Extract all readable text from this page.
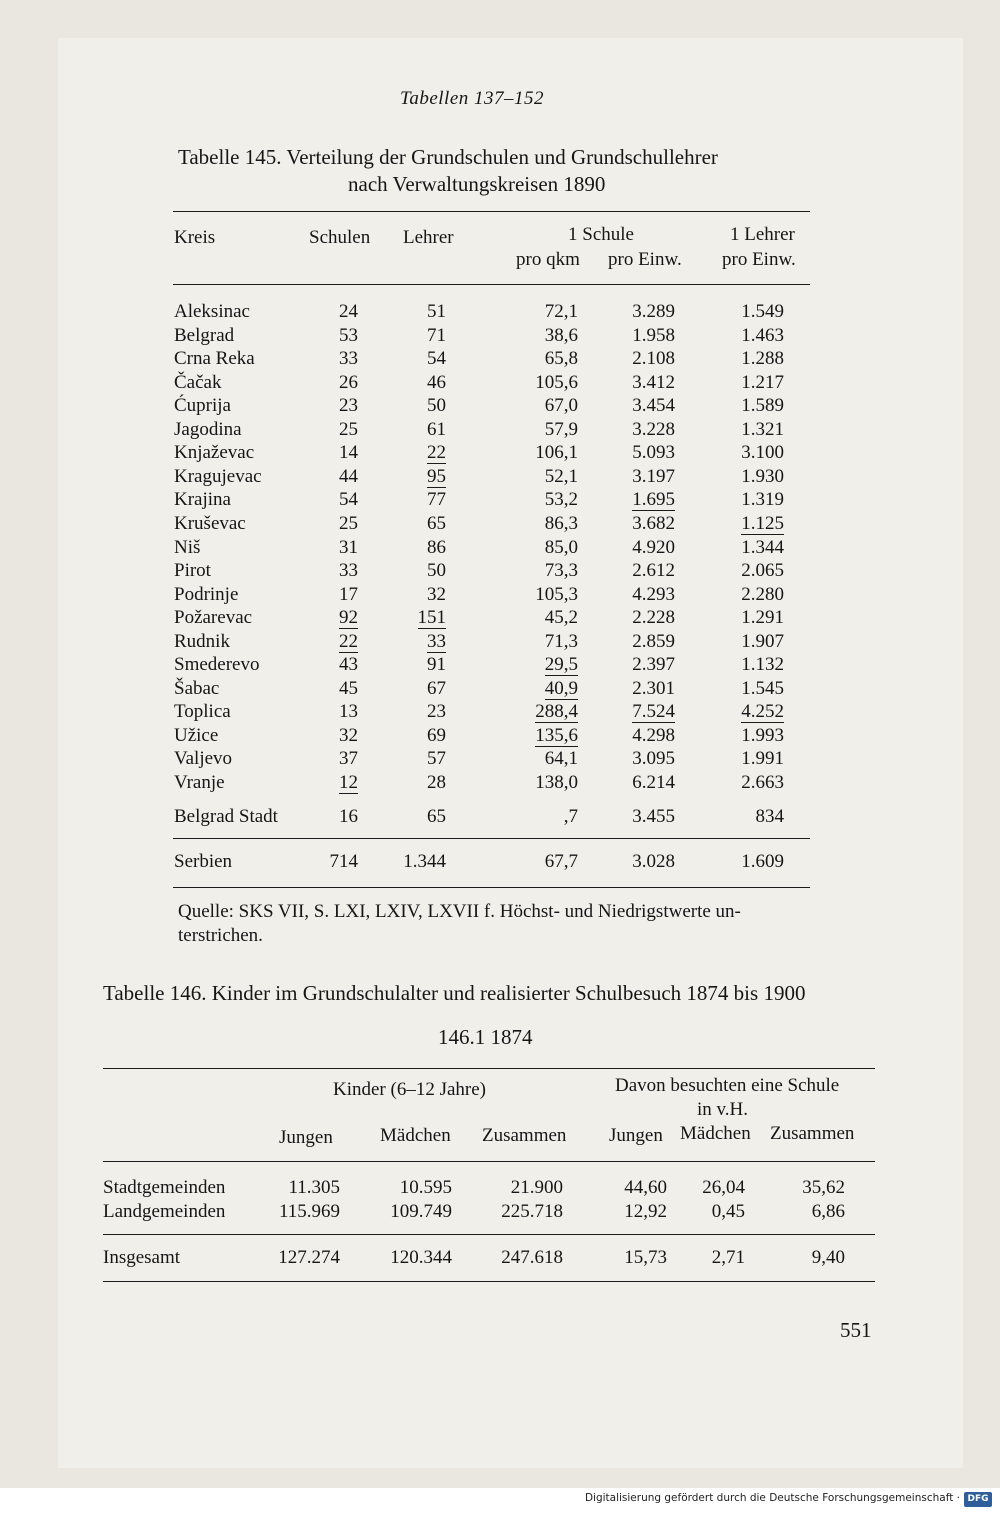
Tabellen 137–152
Tabelle 145. Verteilung der Grundschulen und Grundschullehrer
nach Verwaltungskreisen 1890
Kreis	Schulen Lehrer	1 Schule
pro qkm pro Einw.
1 Lehrer
pro Einw.
Aleksinac	24	51	72,1	3.289	1.549
Belgrad	53	71	38,6	1.958	1.463
Crna Reka	33	54	65,8	2.108	1.288
Čačak	26	46	105,6	3.412	1.217
Ćuprija	23	50	67,0	3.454	1.589
Jagodina	25	61	57,9	3.228	1.321
Knjaževac	14	22	106,1	5.093	3.100
Kragujevac	44	95	52,1	3.197	1.930
Krajina	54	77	53,2	1.695	1.319
Kruševac	25	65	86,3	3.682	1.125
Niš	31	86	85,0	4.920	1.344
Pirot	33	50	73,3	2.612	2.065
Podrinje	17	32	105,3	4.293	2.280
Požarevac	92	151	45,2	2.228	1.291
Rudnik	22	33	71,3	2.859	1.907
Smederevo	43	91	29,5	2.397	1.132
Šabac	45	67	40,9	2.301	1.545
Toplica	13	23	288,4	7.524	4.252
Užice	32	69	135,6	4.298	1.993
Valjevo	37	57	64,1	3.095	1.991
Vranje	12	28	138,0	6.214	2.663
Belgrad Stadt	16	65	,7	3.455	834
Serbien	714 1.344	67,7	3.028	1.609
Quelle: SKS VII, S. LXI, LXIV, LXVII f. Höchst- und Niedrigstwerte un-
terstrichen.
Tabelle 146. Kinder im Grundschulalter und realisierter Schulbesuch 1874 bis 1900
146.1 1874
Kinder (6–12 Jahre)	Davon besuchten eine Schule
in v.H.
Jungen Mädchen Zusammen Jungen Mädchen Zusammen
Stadtgemeinden	11.305	10.595	21.900	44,60 26,04	35,62
Landgemeinden	115.969	109.749	225.718	12,92 0,45	6,86
Insgesamt	127.274	120.344	247.618	15,73 2,71	9,40
551
Digitalisierung gefördert durch die Deutsche Forschungsgemeinschaft · DFG
